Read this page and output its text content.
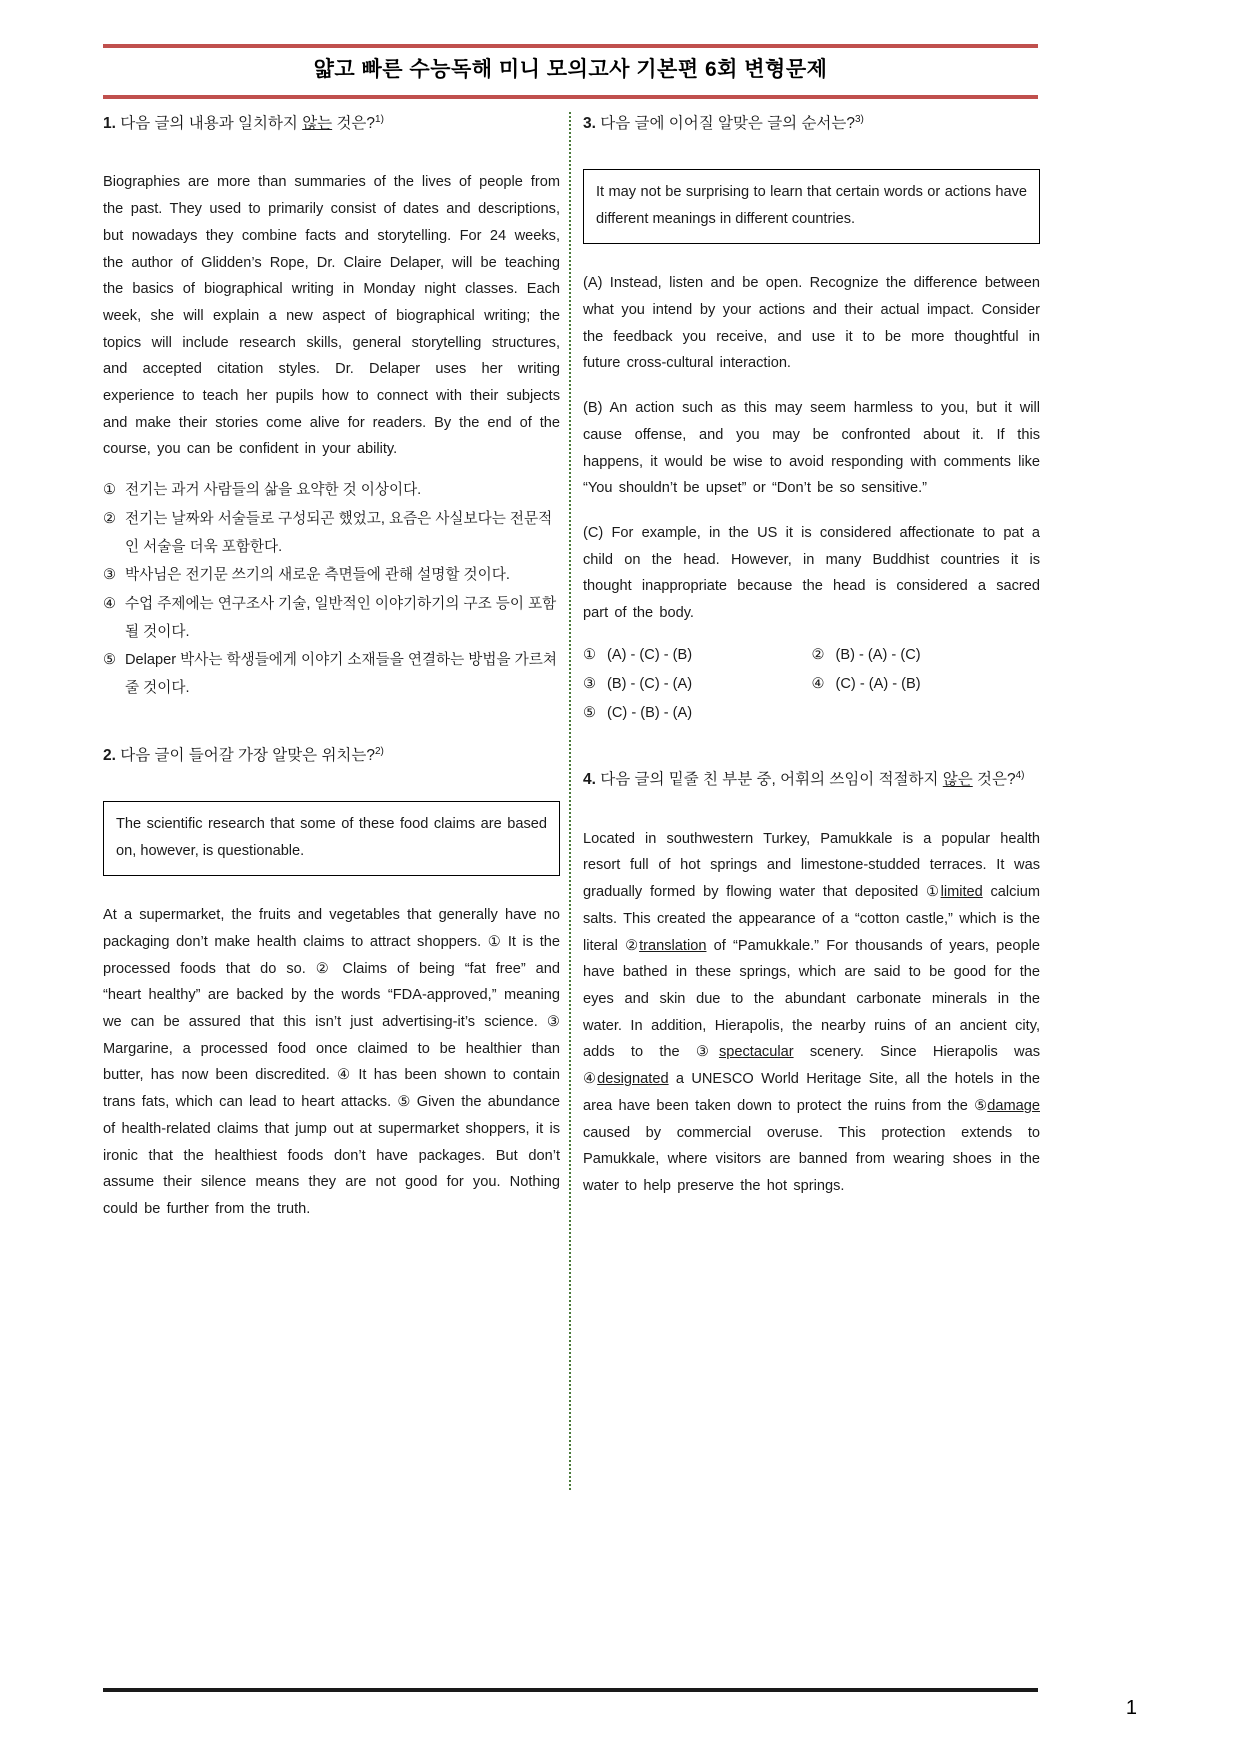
얇고 빠른 수능독해 미니 모의고사 기본편 6회 변형문제
1. 다음 글의 내용과 일치하지 않는 것은?$^{1)}$
Biographies are more than summaries of the lives of people from the past. They used to primarily consist of dates and descriptions, but nowadays they combine facts and storytelling. For 24 weeks, the author of Glidden’s Rope, Dr. Claire Delaper, will be teaching the basics of biographical writing in Monday night classes. Each week, she will explain a new aspect of biographical writing; the topics will include research skills, general storytelling structures, and accepted citation styles. Dr. Delaper uses her writing experience to teach her pupils how to connect with their subjects and make their stories come alive for readers. By the end of the course, you can be confident in your ability.
① 전기는 과거 사람들의 삶을 요약한 것 이상이다.
② 전기는 날짜와 서술들로 구성되곤 했었고, 요즘은 사실보다는 전문적인 서술을 더욱 포함한다.
③ 박사님은 전기문 쓰기의 새로운 측면들에 관해 설명할 것이다.
④ 수업 주제에는 연구조사 기술, 일반적인 이야기하기의 구조 등이 포함될 것이다.
⑤ Delaper 박사는 학생들에게 이야기 소재들을 연결하는 방법을 가르쳐 줄 것이다.
2. 다음 글이 들어갈 가장 알맞은 위치는?$^{2)}$
The scientific research that some of these food claims are based on, however, is questionable.
At a supermarket, the fruits and vegetables that generally have no packaging don’t make health claims to attract shoppers. ① It is the processed foods that do so. ② Claims of being “fat free” and “heart healthy” are backed by the words “FDA-approved,” meaning we can be assured that this isn’t just advertising-it’s science. ③ Margarine, a processed food once claimed to be healthier than butter, has now been discredited. ④ It has been shown to contain trans fats, which can lead to heart attacks. ⑤ Given the abundance of health-related claims that jump out at supermarket shoppers, it is ironic that the healthiest foods don’t have packages. But don’t assume their silence means they are not good for you. Nothing could be further from the truth.
3. 다음 글에 이어질 알맞은 글의 순서는?$^{3)}$
It may not be surprising to learn that certain words or actions have different meanings in different countries.
(A) Instead, listen and be open. Recognize the difference between what you intend by your actions and their actual impact. Consider the feedback you receive, and use it to be more thoughtful in future cross-cultural interaction.
(B) An action such as this may seem harmless to you, but it will cause offense, and you may be confronted about it. If this happens, it would be wise to avoid responding with comments like “You shouldn’t be upset” or “Don’t be so sensitive.”
(C) For example, in the US it is considered affectionate to pat a child on the head. However, in many Buddhist countries it is thought inappropriate because the head is considered a sacred part of the body.
① (A) - (C) - (B)	② (B) - (A) - (C)
③ (B) - (C) - (A)	④ (C) - (A) - (B)
⑤ (C) - (B) - (A)
4. 다음 글의 밑줄 친 부분 중, 어휘의 쓰임이 적절하지 않은 것은?$^{4)}$
Located in southwestern Turkey, Pamukkale is a popular health resort full of hot springs and limestone-studded terraces. It was gradually formed by flowing water that deposited ①limited calcium salts. This created the appearance of a “cotton castle,” which is the literal ②translation of “Pamukkale.” For thousands of years, people have bathed in these springs, which are said to be good for the eyes and skin due to the abundant carbonate minerals in the water. In addition, Hierapolis, the nearby ruins of an ancient city, adds to the ③spectacular scenery. Since Hierapolis was ④designated a UNESCO World Heritage Site, all the hotels in the area have been taken down to protect the ruins from the ⑤damage caused by commercial overuse. This protection extends to Pamukkale, where visitors are banned from wearing shoes in the water to help preserve the hot springs.
1
